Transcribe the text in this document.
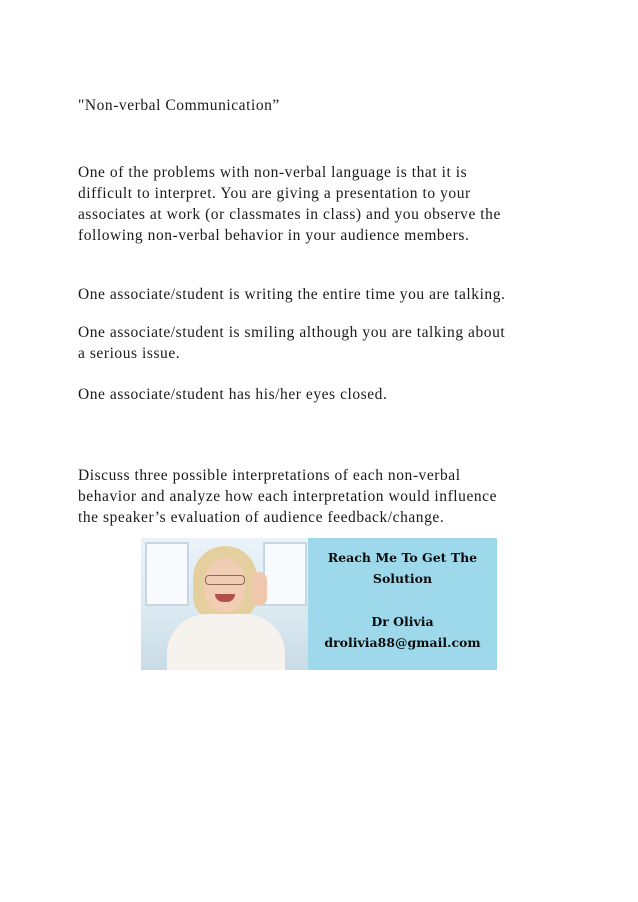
"Non-verbal Communication”
One of the problems with non-verbal language is that it is
difficult to interpret. You are giving a presentation to your
associates at work (or classmates in class) and you observe the
following non-verbal behavior in your audience members.
One associate/student is writing the entire time you are talking.
One associate/student is smiling although you are talking about
a serious issue.
One associate/student has his/her eyes closed.
Discuss three possible interpretations of each non-verbal
behavior and analyze how each interpretation would influence
the speaker’s evaluation of audience feedback/change.
Reach Me To Get The
Solution
Dr Olivia
drolivia88@gmail.com
